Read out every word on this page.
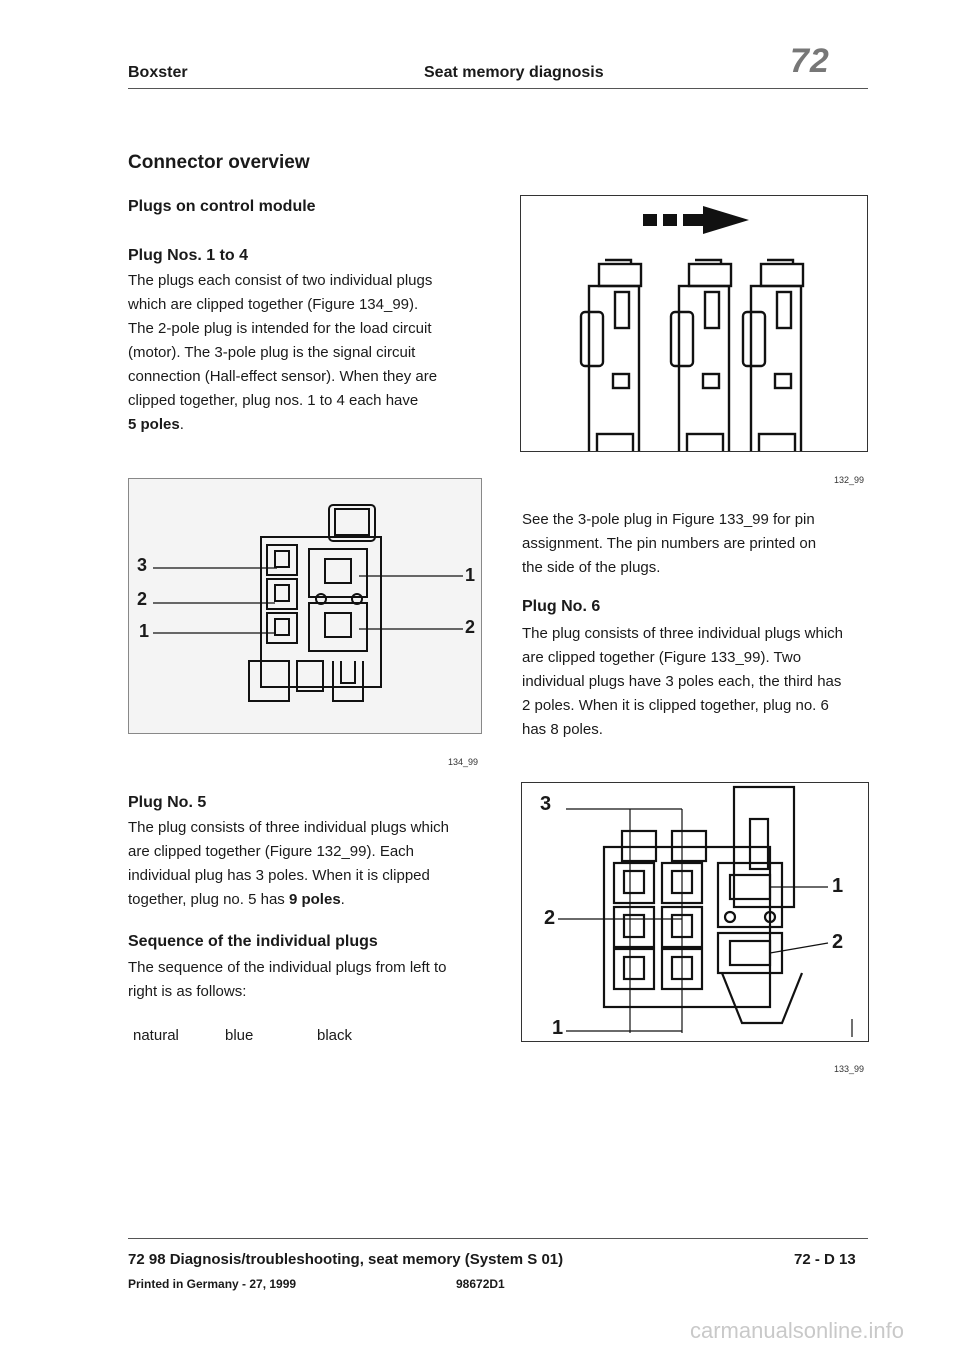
Boxster	Seat memory diagnosis	72
Connector overview
Plugs on control module
Plug Nos. 1 to 4
The plugs each consist of two individual plugs
which are clipped together (Figure 134_99).
The 2-pole plug is intended for the load circuit
(motor). The 3-pole plug is the signal circuit
connection (Hall-effect sensor). When they are
clipped together, plug nos. 1 to 4 each have
5 poles.
3
2
1
1
2
134_99
Plug No. 5
The plug consists of three individual plugs which
are clipped together (Figure 132_99). Each
individual plug has 3 poles. When it is clipped
together, plug no. 5 has 9 poles.
Sequence of the individual plugs
The sequence of the individual plugs from left to
right is as follows:
natural	blue	black
132_99
See the 3-pole plug in Figure 133_99 for pin
assignment. The pin numbers are printed on
the side of the plugs.
Plug No. 6
The plug consists of three individual plugs which
are clipped together (Figure 133_99). Two
individual plugs have 3 poles each, the third has
2 poles. When it is clipped together, plug no. 6
has 8 poles.
3
2
1
1
2
133_99
72 98 Diagnosis/troubleshooting, seat memory (System S 01)	72 - D 13
Printed in Germany - 27, 1999	98672D1
carmanualsonline.info
